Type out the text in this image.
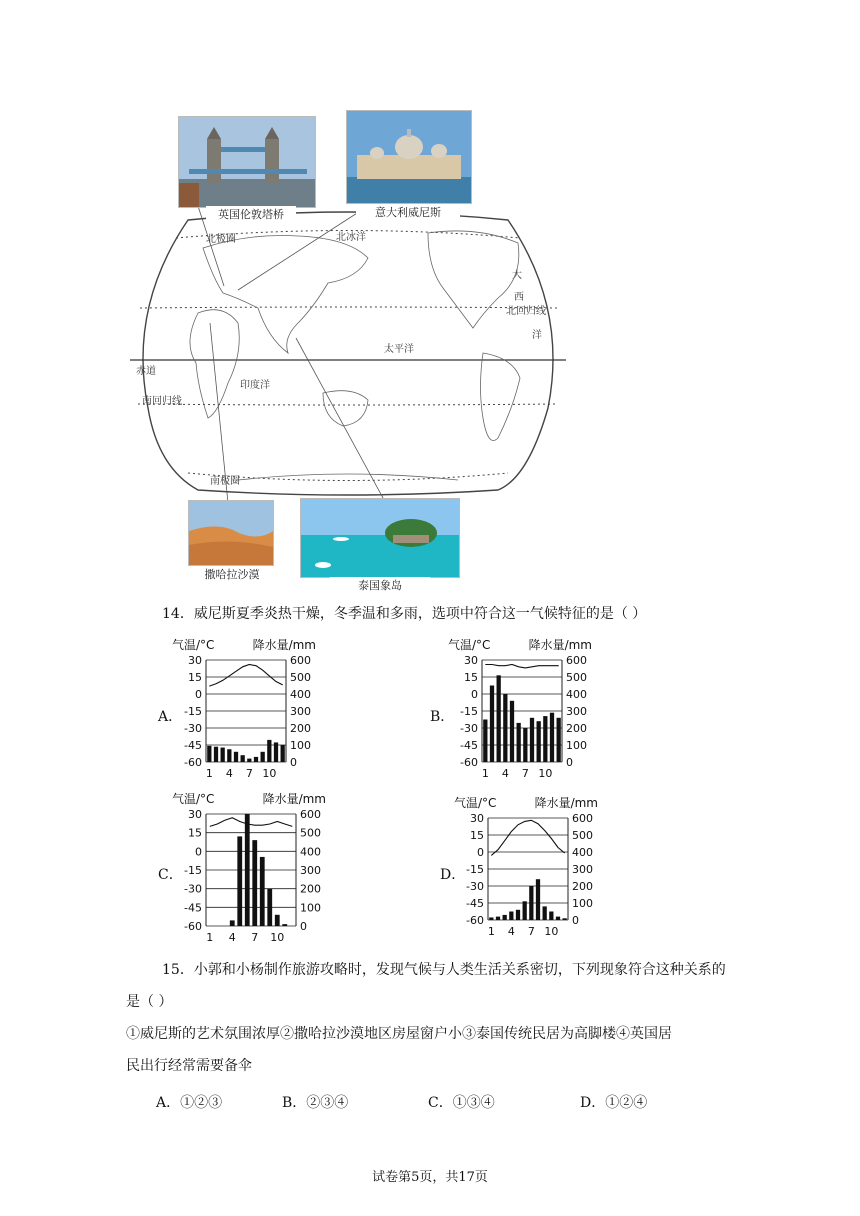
北极圈	北冰洋
北回归线
太平洋
赤道
印度洋
南回归线
南极圈
大
西
洋
英国伦敦塔桥	意大利威尼斯
撒哈拉沙漠
泰国象岛
14．威尼斯夏季炎热干燥，冬季温和多雨，选项中符合这一气候特征的是（ ）
A．	B．
C．	D．
气温/°C	降水量/mm
30	600
15	500
0	400
-15	300
-30	200
-45	100
-60	0
1 4 7 10
气温/°C	降水量/mm
30	600
15	500
0	400
-15	300
-30	200
-45	100
-60	0
1 4 7 10
气温/°C	降水量/mm
30	600
15	500
0	400
-15	300
-30	200
-45	100
-60	0
1 4 7 10
气温/°C	降水量/mm
30	600
15	500
0	400
-15	300
-30	200
-45	100
-60	0
1 4 7 10
15．小郭和小杨制作旅游攻略时，发现气候与人类生活关系密切，下列现象符合这种关系的
是（ ）
①威尼斯的艺术氛围浓厚②撒哈拉沙漠地区房屋窗户小③泰国传统民居为高脚楼④英国居
民出行经常需要备伞
A．①②③	B．②③④	C．①③④	D．①②④
试卷第5页，共17页
